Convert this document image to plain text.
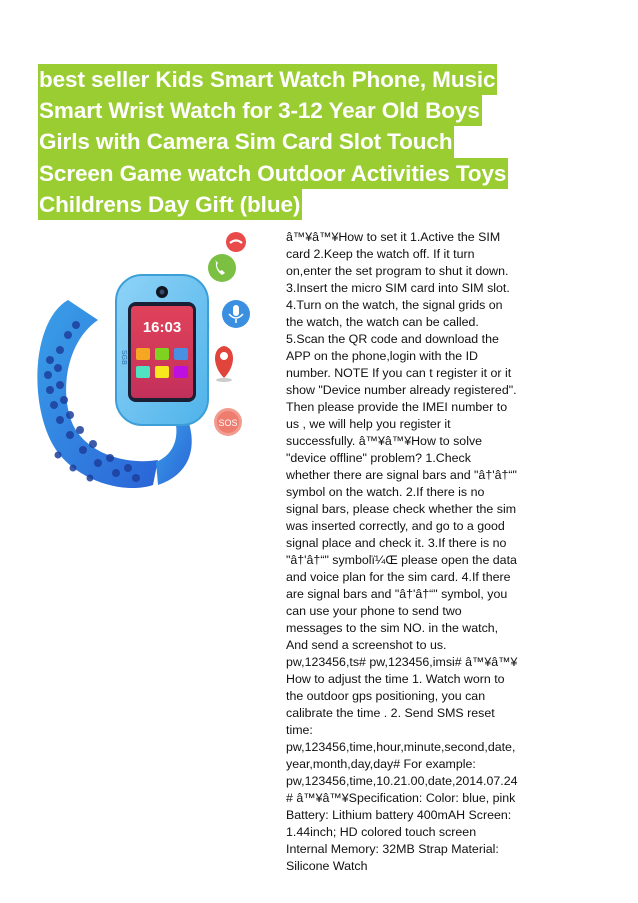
best seller Kids Smart Watch Phone, Music
Smart Wrist Watch for 3-12 Year Old Boys
Girls with Camera Sim Card Slot Touch
Screen Game watch Outdoor Activities Toys
Childrens Day Gift (blue)
16:03
SGB
SOS

â™¥â™¥How to set it 1.Active the SIM card 2.Keep the watch off. If it turn on,enter the set program to shut it down. 3.Insert the micro SIM card into SIM slot. 4.Turn on the watch, the signal grids on the watch, the watch can be called. 5.Scan the QR code and download the APP on the phone,login with the ID number. NOTE If you can t register it or it show "Device number already registered". Then please provide the IMEI number to us , we will help you register it successfully. â™¥â™¥How to solve "device offline" problem? 1.Check whether there are signal bars and "â†'â†“" symbol on the watch. 2.If there is no signal bars, please check whether the sim was inserted correctly, and go to a good signal place and check it. 3.If there is no "â†'â†“" symbolï¼Œ please open the data and voice plan for the sim card. 4.If there are signal bars and "â†'â†“" symbol, you can use your phone to send two messages to the sim NO. in the watch, And send a screenshot to us. pw,123456,ts# pw,123456,imsi# â™¥â™¥ How to adjust the time 1. Watch worn to the outdoor gps positioning, you can calibrate the time . 2. Send SMS reset time: pw,123456,time,hour,minute,second,date,year,month,day,day# For example: pw,123456,time,10.21.00,date,2014.07.24# â™¥â™¥Specification: Color: blue, pink Battery: Lithium battery 400mAH Screen: 1.44inch; HD colored touch screen Internal Memory: 32MB Strap Material: Silicone Watch
